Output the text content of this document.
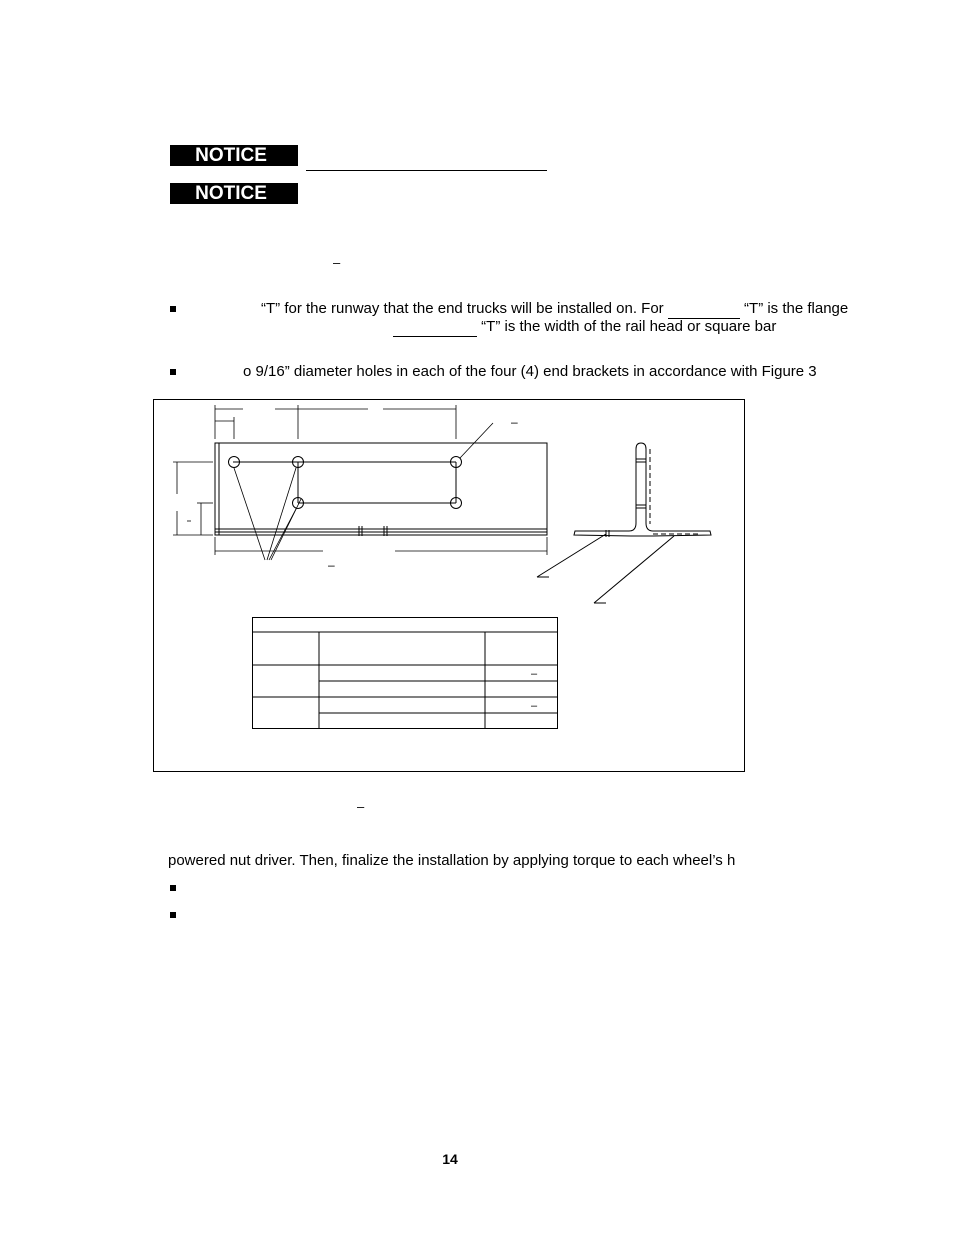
NOTICE
NOTICE
–
“T” for the runway that the end trucks will be installed on. For	“T” is the flange
“T” is the width of the rail head or square bar
o 9/16” diameter holes in each of the four (4) end brackets in accordance with Figure 3
–
–
–
–
–
powered nut driver. Then, finalize the installation by applying torque to each wheel’s h
14
